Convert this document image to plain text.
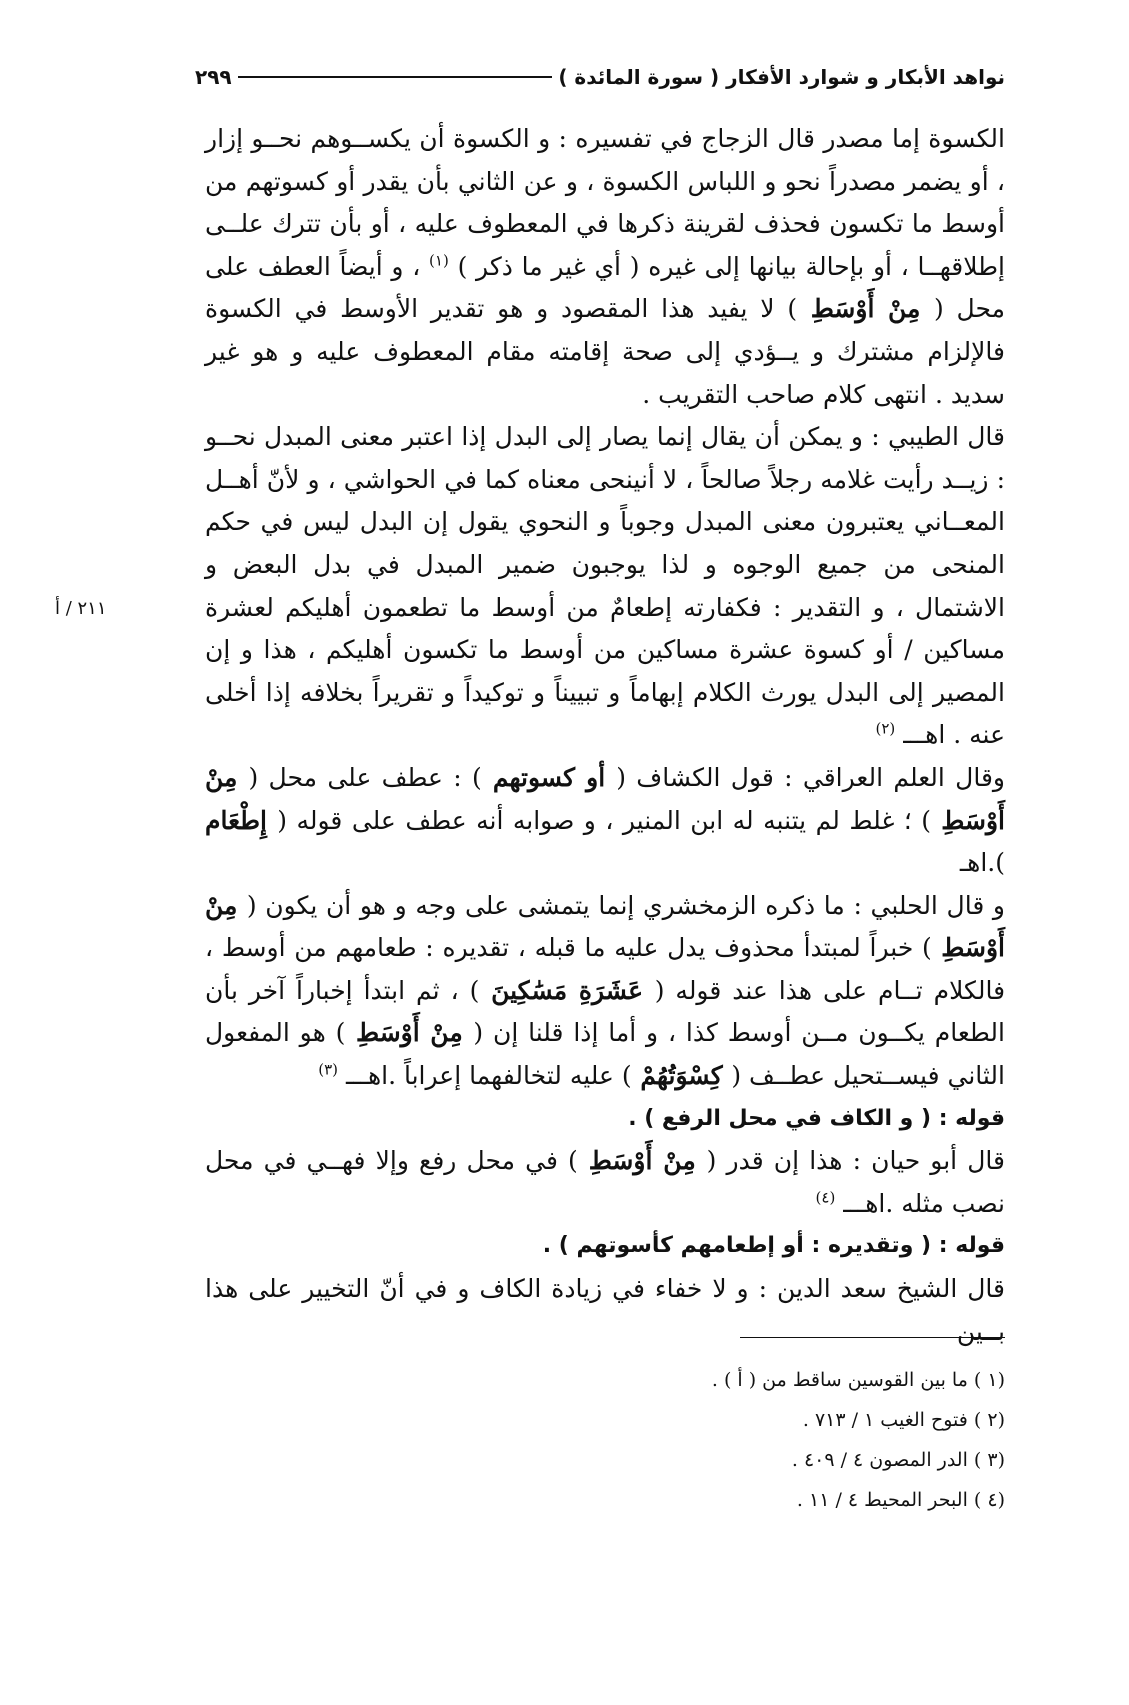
نواهد الأبكار و شوارد الأفكار ( سورة المائدة )
٢٩٩
٢١١ / أ

الكسوة إما مصدر قال الزجاج في تفسيره : و الكسوة أن يكســوهم نحــو إزار ، أو يضمر مصدراً نحو و اللباس الكسوة ، و عن الثاني بأن يقدر أو كسوتهم من أوسط ما تكسون فحذف لقرينة ذكرها في المعطوف عليه ، أو بأن تترك علــى إطلاقهــا ، أو بإحالة بيانها إلى غيره ( أي غير ما ذكر ) $^{(١)}$ ، و أيضاً العطف على محل ( مِنْ أَوْسَطِ ) لا يفيد هذا المقصود و هو تقدير الأوسط في الكسوة فالإلزام مشترك و يــؤدي إلى صحة إقامته مقام المعطوف عليه و هو غير سديد . انتهى كلام صاحب التقريب .

قال الطيبي : و يمكن أن يقال إنما يصار إلى البدل إذا اعتبر معنى المبدل نحــو : زيــد رأيت غلامه رجلاً صالحاً ، لا أنينحى معناه كما في الحواشي ، و لأنّ أهــل المعــاني يعتبرون معنى المبدل وجوباً و النحوي يقول إن البدل ليس في حكم المنحى من جميع الوجوه و لذا يوجبون ضمير المبدل في بدل البعض و الاشتمال ، و التقدير : فكفارته إطعامٌ من أوسط ما تطعمون أهليكم لعشرة مساكين / أو كسوة عشرة مساكين من أوسط ما تكسون أهليكم ، هذا و إن المصير إلى البدل يورث الكلام إبهاماً و تبييناً و توكيداً و تقريراً بخلافه إذا أخلى عنه . اهـــ $^{(٢)}$

وقال العلم العراقي : قول الكشاف ( أو كسوتهم ) : عطف على محل ( مِنْ أَوْسَطِ ) ؛ غلط لم يتنبه له ابن المنير ، و صوابه أنه عطف على قوله ( إِطْعَام ).اهـ

و قال الحلبي : ما ذكره الزمخشري إنما يتمشى على وجه و هو أن يكون ( مِنْ أَوْسَطِ ) خبراً لمبتدأ محذوف يدل عليه ما قبله ، تقديره : طعامهم من أوسط ، فالكلام تــام على هذا عند قوله ( عَشَرَةِ مَسَٰكِينَ ) ، ثم ابتدأ إخباراً آخر بأن الطعام يكــون مــن أوسط كذا ، و أما إذا قلنا إن ( مِنْ أَوْسَطِ ) هو المفعول الثاني فيســتحيل عطــف ( كِسْوَتُهُمْ ) عليه لتخالفهما إعراباً .اهـــ $^{(٣)}$

قوله : ( و الكاف في محل الرفع ) .

قال أبو حيان : هذا إن قدر ( مِنْ أَوْسَطِ ) في محل رفع وإلا فهــي في محل نصب مثله .اهـــ $^{(٤)}$

قوله : ( وتقديره : أو إطعامهم كأسوتهم ) .

قال الشيخ سعد الدين : و لا خفاء في زيادة الكاف و في أنّ التخيير على هذا بــين

(١ ) ما بين القوسين ساقط من ( أ ) .
(٢ ) فتوح الغيب ١ / ٧١٣ .
(٣ ) الدر المصون ٤ / ٤٠٩ .
(٤ ) البحر المحيط ٤ / ١١ .
